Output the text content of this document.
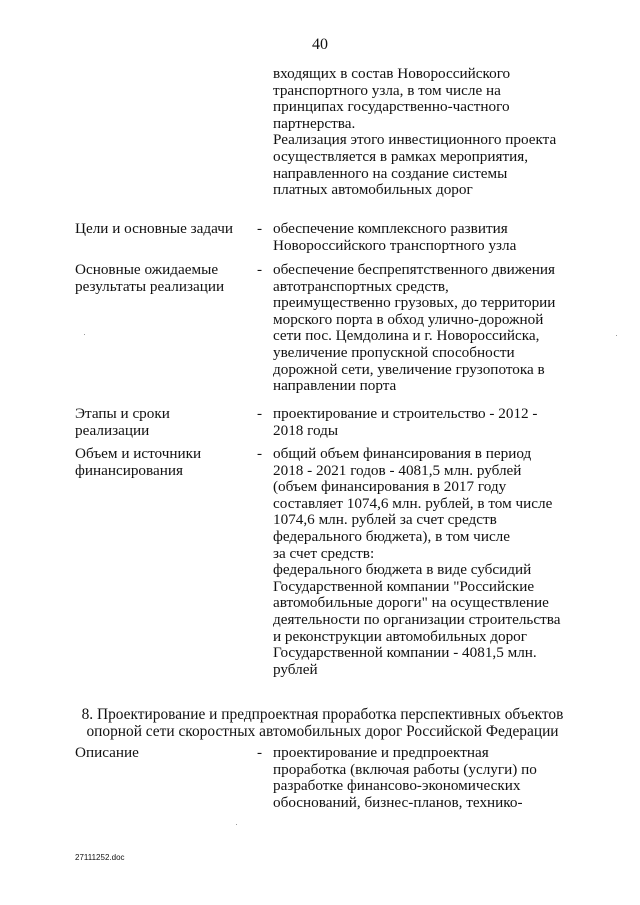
40
входящих в состав Новороссийского
транспортного узла, в том числе на
принципах государственно-частного
партнерства.
Реализация этого инвестиционного проекта
осуществляется в рамках мероприятия,
направленного на создание системы
платных автомобильных дорог
Цели и основные задачи - обеспечение комплексного развития
Новороссийского транспортного узла
Основные ожидаемые
результаты реализации
- обеспечение беспрепятственного движения
автотранспортных средств,
преимущественно грузовых, до территории
морского порта в обход улично-дорожной
сети пос. Цемдолина и г. Новороссийска,
увеличение пропускной способности
дорожной сети, увеличение грузопотока в
направлении порта
Этапы и сроки
реализации
- проектирование и строительство - 2012 -
2018 годы
Объем и источники
финансирования
- общий объем финансирования в период
2018 - 2021 годов - 4081,5 млн. рублей
(объем финансирования в 2017 году
составляет 1074,6 млн. рублей, в том числе
1074,6 млн. рублей за счет средств
федерального бюджета), в том числе
за счет средств:
федерального бюджета в виде субсидий
Государственной компании "Российские
автомобильные дороги" на осуществление
деятельности по организации строительства
и реконструкции автомобильных дорог
Государственной компании - 4081,5 млн.
рублей
8. Проектирование и предпроектная проработка перспективных объектов
опорной сети скоростных автомобильных дорог Российской Федерации
Описание	- проектирование и предпроектная
проработка (включая работы (услуги) по
разработке финансово-экономических
обоснований, бизнес-планов, технико-
27111252.doc
